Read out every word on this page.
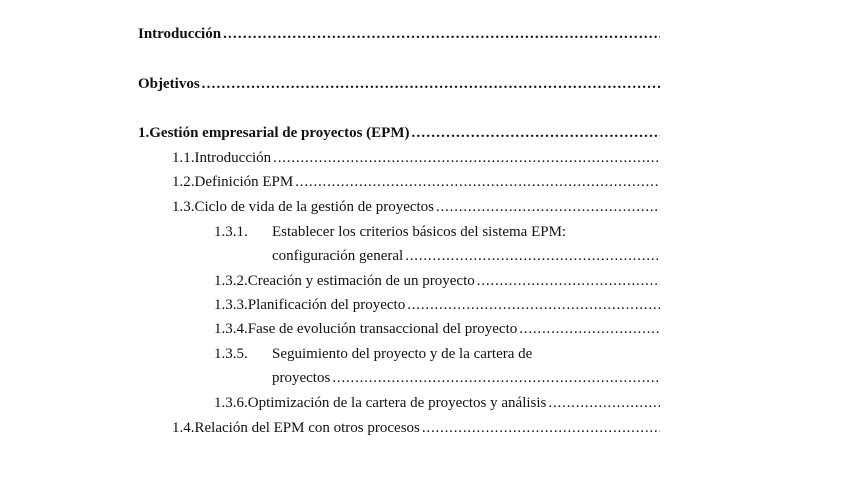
Introducción
.....
Objetivos
.....
1. Gestión empresarial de proyectos (EPM)
.....
1.1. Introducción
.....
1.2. Definición EPM
.....
1.3. Ciclo de vida de la gestión de proyectos
.....
1.3.1.	Establecer los criterios básicos del sistema EPM:
configuración general
.....
1.3.2. Creación y estimación de un proyecto
.....
1.3.3. Planificación del proyecto
.....
1.3.4. Fase de evolución transaccional del proyecto
.....
1.3.5.	Seguimiento del proyecto y de la cartera de
proyectos
.....
1.3.6. Optimización de la cartera de proyectos y análisis
.....
1.4. Relación del EPM con otros procesos
.....
